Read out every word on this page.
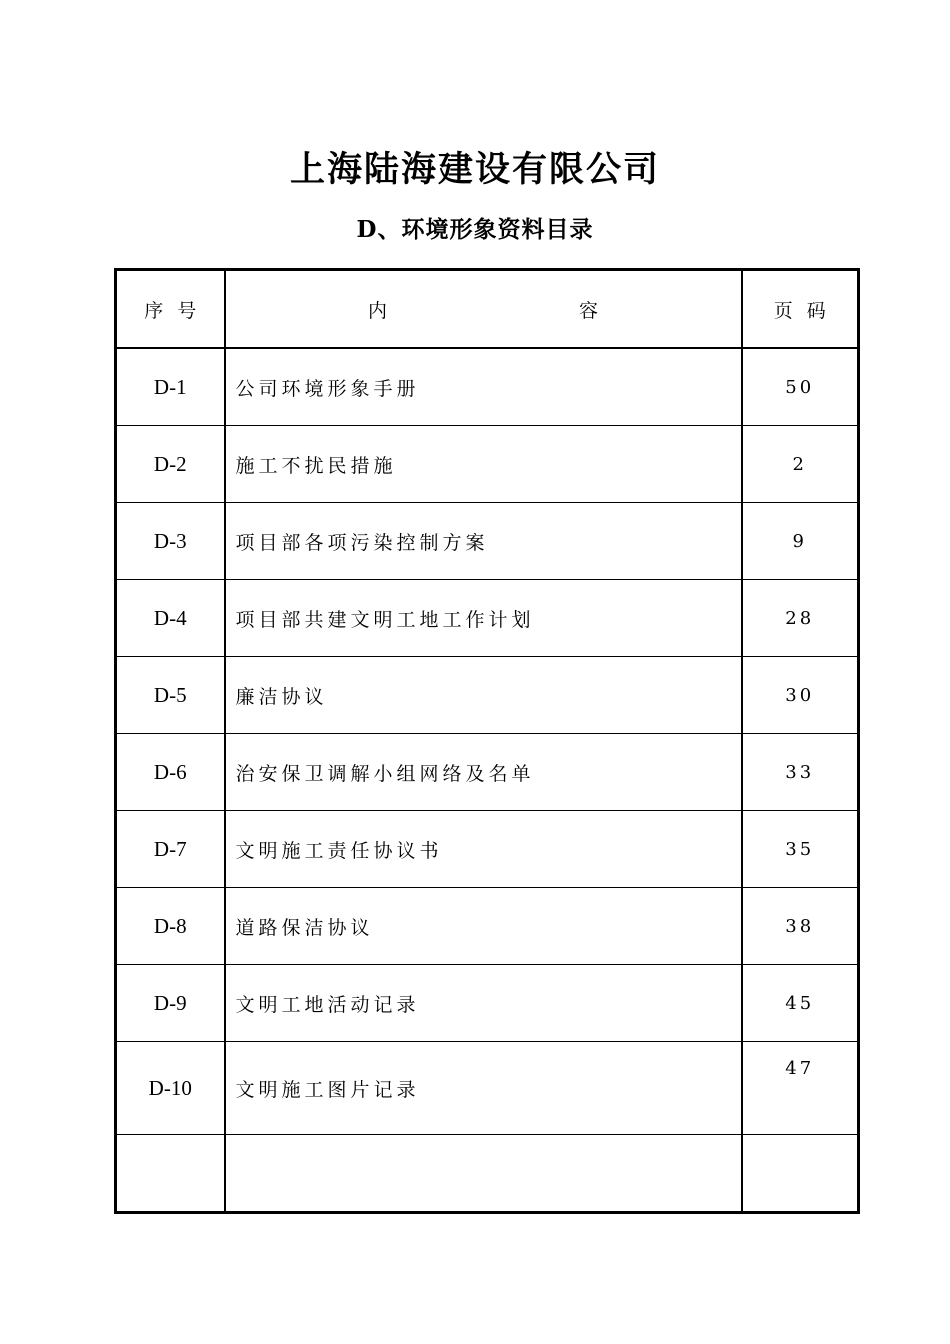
上海陆海建设有限公司
D、环境形象资料目录
序号	内 容	页码
D-1	公司环境形象手册	50
D-2	施工不扰民措施	2
D-3	项目部各项污染控制方案	9
D-4	项目部共建文明工地工作计划	28
D-5	廉洁协议	30
D-6	治安保卫调解小组网络及名单	33
D-7	文明施工责任协议书	35
D-8	道路保洁协议	38
D-9	文明工地活动记录	45
D-10	文明施工图片记录	47
